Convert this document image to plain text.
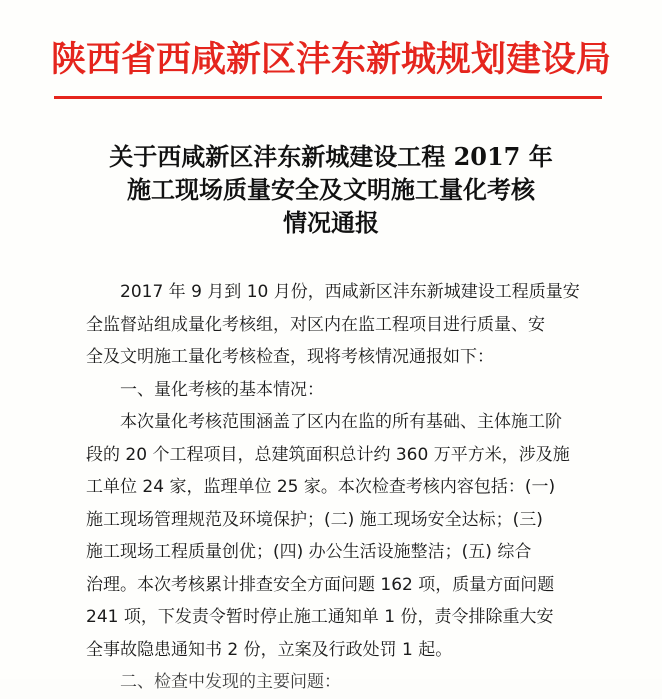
陕西省西咸新区沣东新城规划建设局
关于西咸新区沣东新城建设工程 2017 年
施工现场质量安全及文明施工量化考核
情况通报
2017 年 9 月到 10 月份，西咸新区沣东新城建设工程质量安
全监督站组成量化考核组，对区内在监工程项目进行质量、安
全及文明施工量化考核检查，现将考核情况通报如下：
一、量化考核的基本情况：
本次量化考核范围涵盖了区内在监的所有基础、主体施工阶
段的 20 个工程项目，总建筑面积总计约 360 万平方米，涉及施
工单位 24 家，监理单位 25 家。本次检查考核内容包括：(一)
施工现场管理规范及环境保护；(二) 施工现场安全达标；(三)
施工现场工程质量创优；(四) 办公生活设施整洁；(五) 综合
治理。本次考核累计排查安全方面问题 162 项，质量方面问题
241 项，下发责令暂时停止施工通知单 1 份，责令排除重大安
全事故隐患通知书 2 份，立案及行政处罚 1 起。
二、检查中发现的主要问题：
